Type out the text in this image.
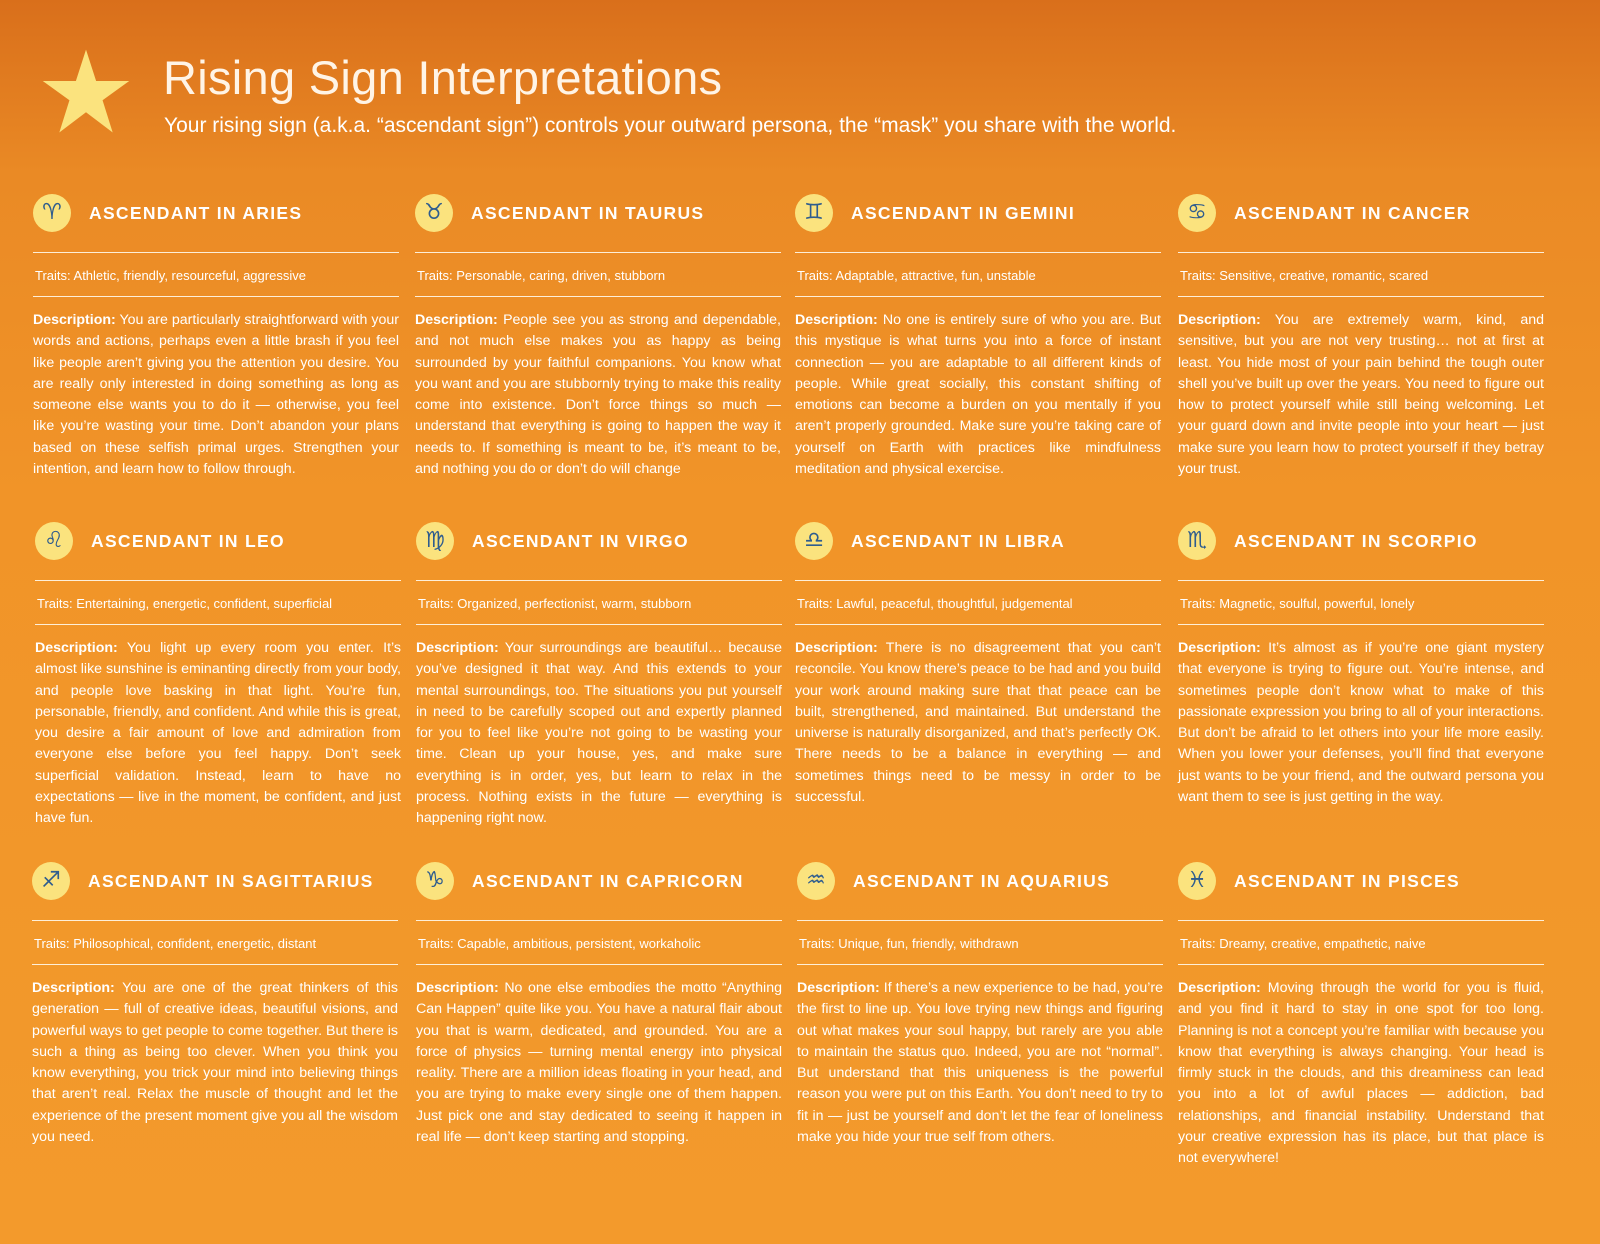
Rising Sign Interpretations
Your rising sign (a.k.a. “ascendant sign”) controls your outward persona, the “mask” you share with the world.
♈	ASCENDANT IN ARIES
Traits: Athletic, friendly, resourceful, aggressive
Description: You are particularly straightforward with your words and actions, perhaps even a little brash if you feel like people aren’t giving you the attention you desire. You are really only interested in doing something as long as someone else wants you to do it — otherwise, you feel like you’re wasting your time. Don’t abandon your plans based on these selfish primal urges. Strengthen your intention, and learn how to follow through.
♉	ASCENDANT IN TAURUS
Traits: Personable, caring, driven, stubborn
Description: People see you as strong and dependable, and not much else makes you as happy as being surrounded by your faithful companions. You know what you want and you are stubbornly trying to make this reality come into existence. Don’t force things so much — understand that everything is going to happen the way it needs to. If something is meant to be, it’s meant to be, and nothing you do or don’t do will change
♊	ASCENDANT IN GEMINI
Traits: Adaptable, attractive, fun, unstable
Description: No one is entirely sure of who you are. But this mystique is what turns you into a force of instant connection — you are adaptable to all different kinds of people. While great socially, this constant shifting of emotions can become a burden on you mentally if you aren’t properly grounded. Make sure you’re taking care of yourself on Earth with practices like mindfulness meditation and physical exercise.
♋	ASCENDANT IN CANCER
Traits: Sensitive, creative, romantic, scared
Description: You are extremely warm, kind, and sensitive, but you are not very trusting… not at first at least. You hide most of your pain behind the tough outer shell you’ve built up over the years. You need to figure out how to protect yourself while still being welcoming. Let your guard down and invite people into your heart — just make sure you learn how to protect yourself if they betray your trust.
♌	ASCENDANT IN LEO
Traits: Entertaining, energetic, confident, superficial
Description: You light up every room you enter. It’s almost like sunshine is eminanting directly from your body, and people love basking in that light. You’re fun, personable, friendly, and confident. And while this is great, you desire a fair amount of love and admiration from everyone else before you feel happy. Don’t seek superficial validation. Instead, learn to have no expectations — live in the moment, be confident, and just have fun.
♍	ASCENDANT IN VIRGO
Traits: Organized, perfectionist, warm, stubborn
Description: Your surroundings are beautiful… because you’ve designed it that way. And this extends to your mental surroundings, too. The situations you put yourself in need to be carefully scoped out and expertly planned for you to feel like you’re not going to be wasting your time. Clean up your house, yes, and make sure everything is in order, yes, but learn to relax in the process. Nothing exists in the future — everything is happening right now.
♎	ASCENDANT IN LIBRA
Traits: Lawful, peaceful, thoughtful, judgemental
Description: There is no disagreement that you can’t reconcile. You know there’s peace to be had and you build your work around making sure that that peace can be built, strengthened, and maintained. But understand the universe is naturally disorganized, and that’s perfectly OK. There needs to be a balance in everything — and sometimes things need to be messy in order to be successful.
♏	ASCENDANT IN SCORPIO
Traits: Magnetic, soulful, powerful, lonely
Description: It’s almost as if you’re one giant mystery that everyone is trying to figure out. You’re intense, and sometimes people don’t know what to make of this passionate expression you bring to all of your interactions. But don’t be afraid to let others into your life more easily. When you lower your defenses, you’ll find that everyone just wants to be your friend, and the outward persona you want them to see is just getting in the way.
♐	ASCENDANT IN SAGITTARIUS
Traits: Philosophical, confident, energetic, distant
Description: You are one of the great thinkers of this generation — full of creative ideas, beautiful visions, and powerful ways to get people to come together. But there is such a thing as being too clever. When you think you know everything, you trick your mind into believing things that aren’t real. Relax the muscle of thought and let the experience of the present moment give you all the wisdom you need.
♑	ASCENDANT IN CAPRICORN
Traits: Capable, ambitious, persistent, workaholic
Description: No one else embodies the motto “Anything Can Happen” quite like you. You have a natural flair about you that is warm, dedicated, and grounded. You are a force of physics — turning mental energy into physical reality. There are a million ideas floating in your head, and you are trying to make every single one of them happen. Just pick one and stay dedicated to seeing it happen in real life — don’t keep starting and stopping.
♒	ASCENDANT IN AQUARIUS
Traits: Unique, fun, friendly, withdrawn
Description: If there’s a new experience to be had, you’re the first to line up. You love trying new things and figuring out what makes your soul happy, but rarely are you able to maintain the status quo. Indeed, you are not “normal”. But understand that this uniqueness is the powerful reason you were put on this Earth. You don’t need to try to fit in — just be yourself and don’t let the fear of loneliness make you hide your true self from others.
♓	ASCENDANT IN PISCES
Traits: Dreamy, creative, empathetic, naive
Description: Moving through the world for you is fluid, and you find it hard to stay in one spot for too long. Planning is not a concept you’re familiar with because you know that everything is always changing. Your head is firmly stuck in the clouds, and this dreaminess can lead you into a lot of awful places — addiction, bad relationships, and financial instability. Understand that your creative expression has its place, but that place is not everywhere!
